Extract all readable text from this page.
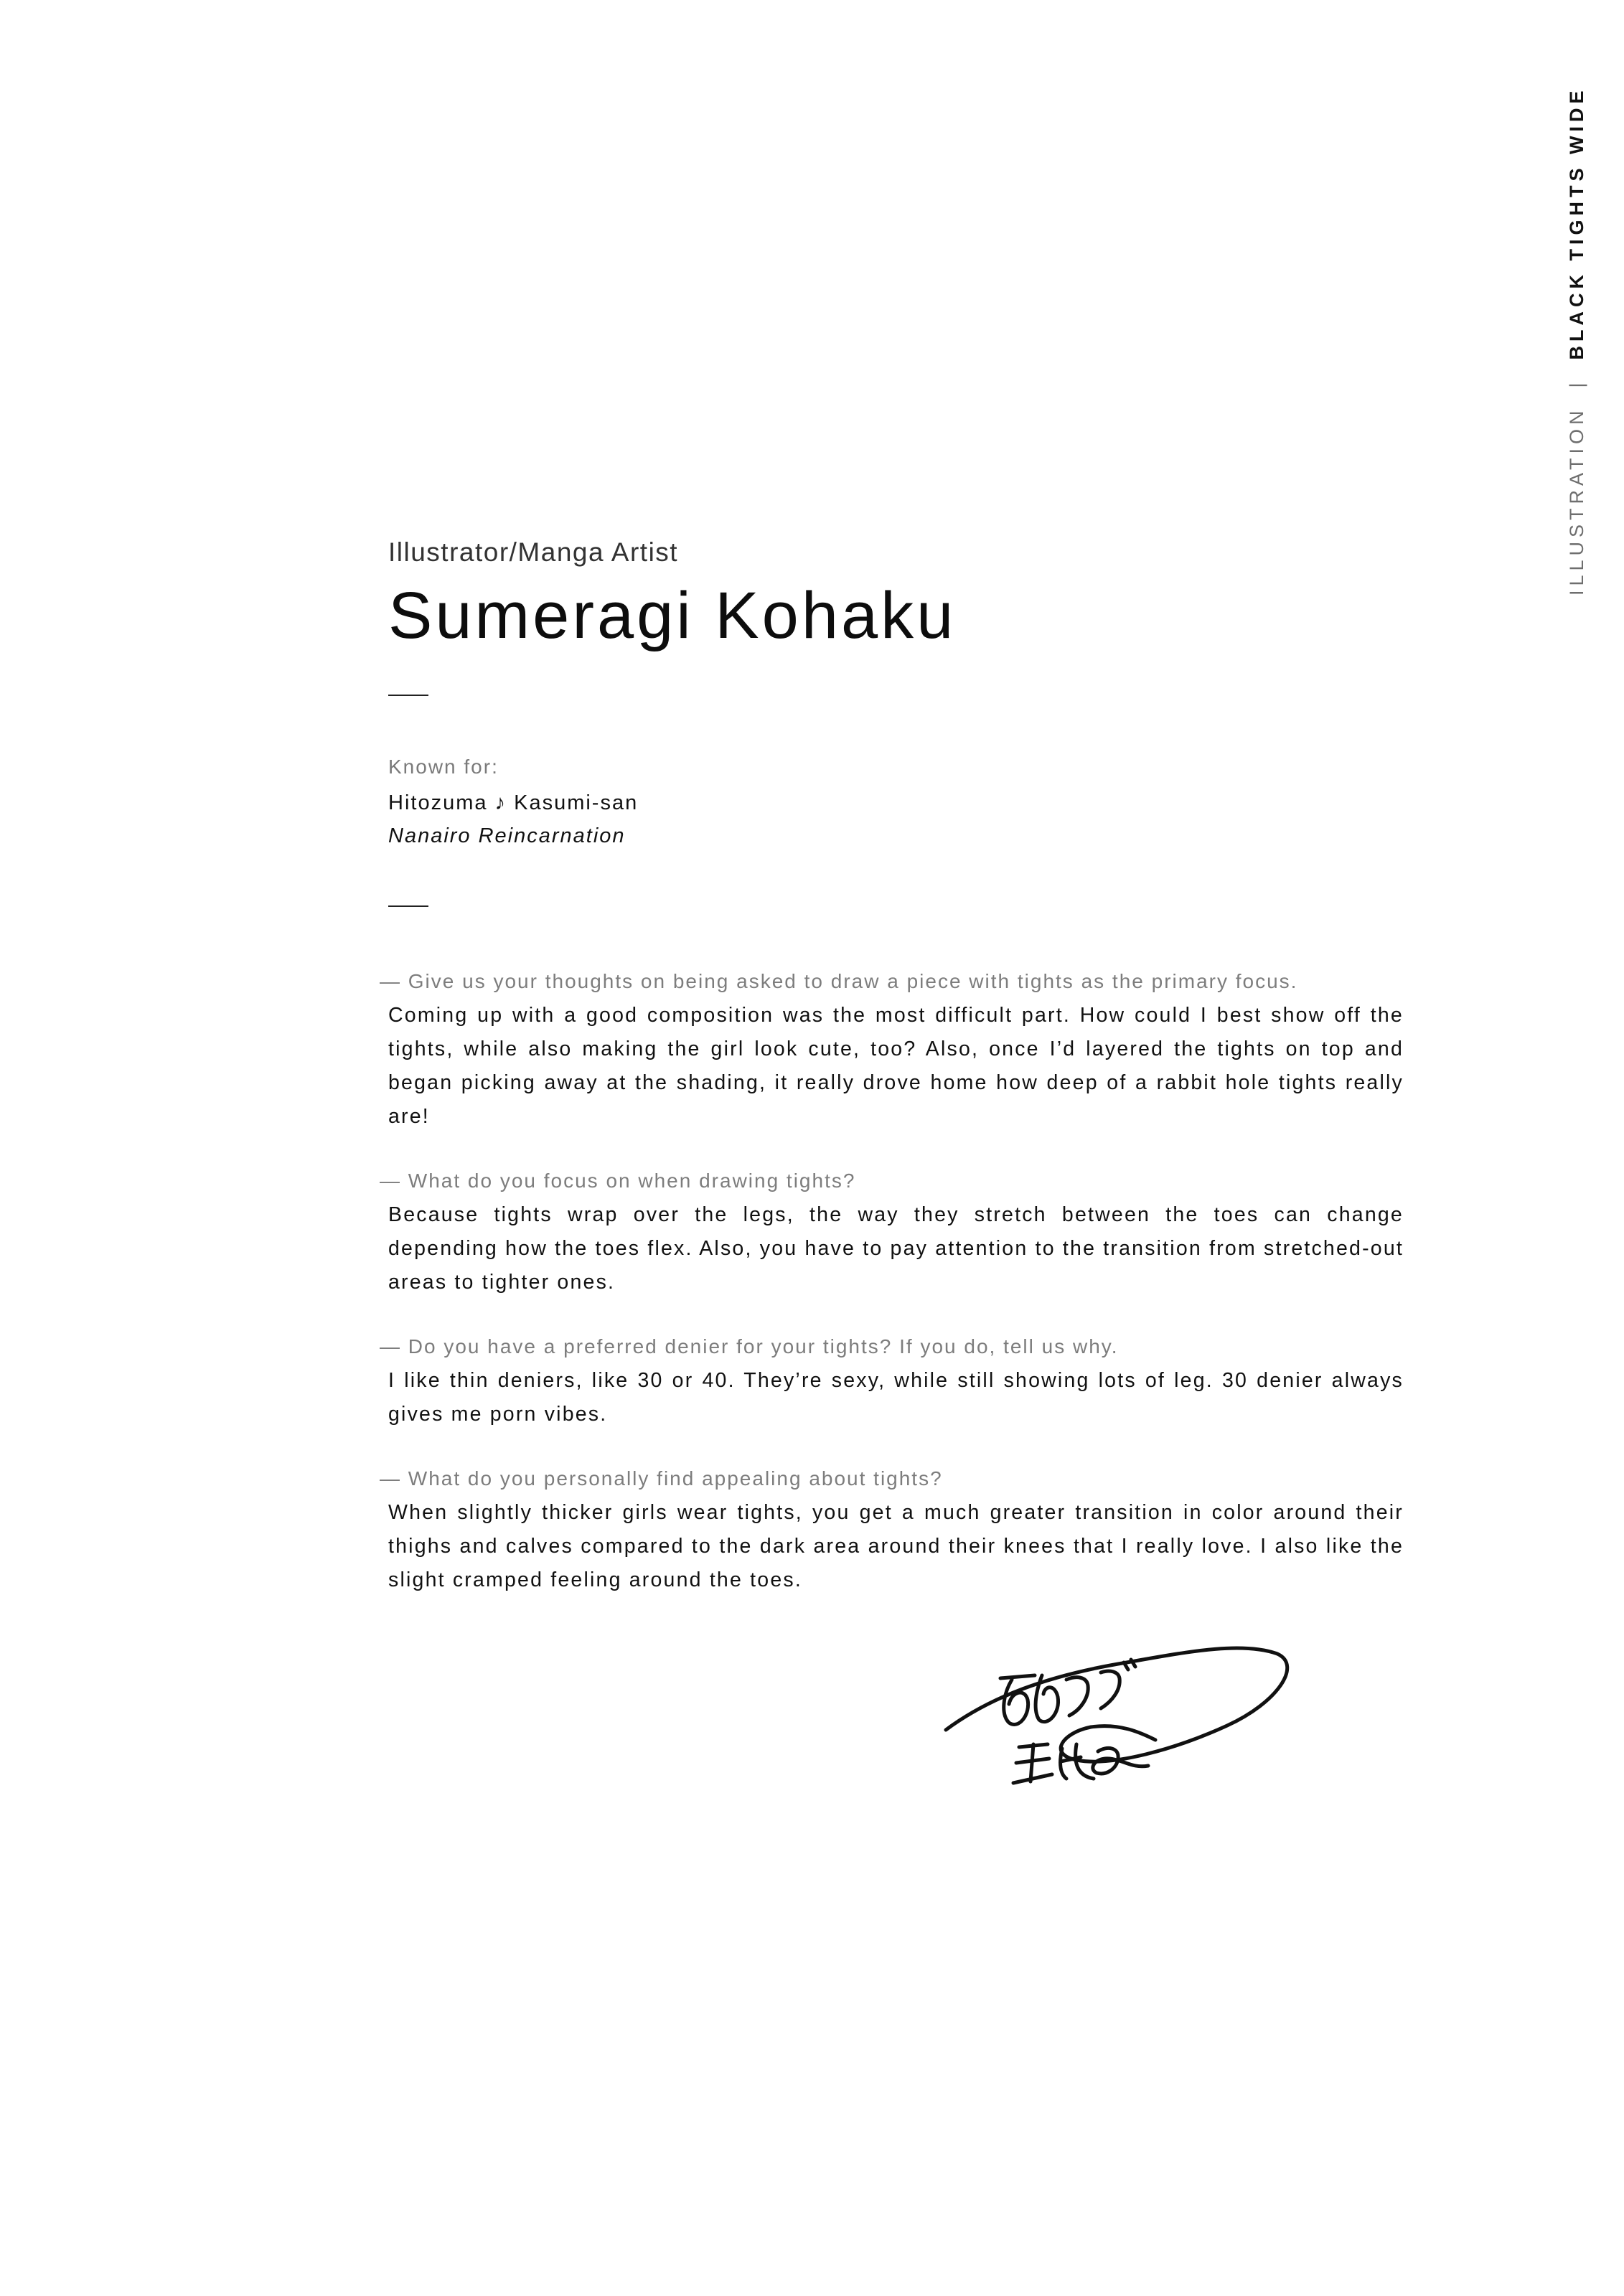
ILLUSTRATION
|
BLACK TIGHTS WIDE

Illustrator/Manga Artist

Sumeragi Kohaku
Known for:
Hitozuma ♪ Kasumi-san
Nanairo Reincarnation
— Give us your thoughts on being asked to draw a piece with tights as the primary focus.
Coming up with a good composition was the most difficult part. How could I best show off the tights, while also making the girl look cute, too? Also, once I’d layered the tights on top and began picking away at the shading, it really drove home how deep of a rabbit hole tights really are!
— What do you focus on when drawing tights?
Because tights wrap over the legs, the way they stretch between the toes can change depending how the toes flex. Also, you have to pay attention to the transition from stretched-out areas to tighter ones.
— Do you have a preferred denier for your tights? If you do, tell us why.
I like thin deniers, like 30 or 40. They’re sexy, while still showing lots of leg. 30 denier always gives me porn vibes.
— What do you personally find appealing about tights?
When slightly thicker girls wear tights, you get a much greater transition in color around their thighs and calves compared to the dark area around their knees that I really love. I also like the slight cramped feeling around the toes.
